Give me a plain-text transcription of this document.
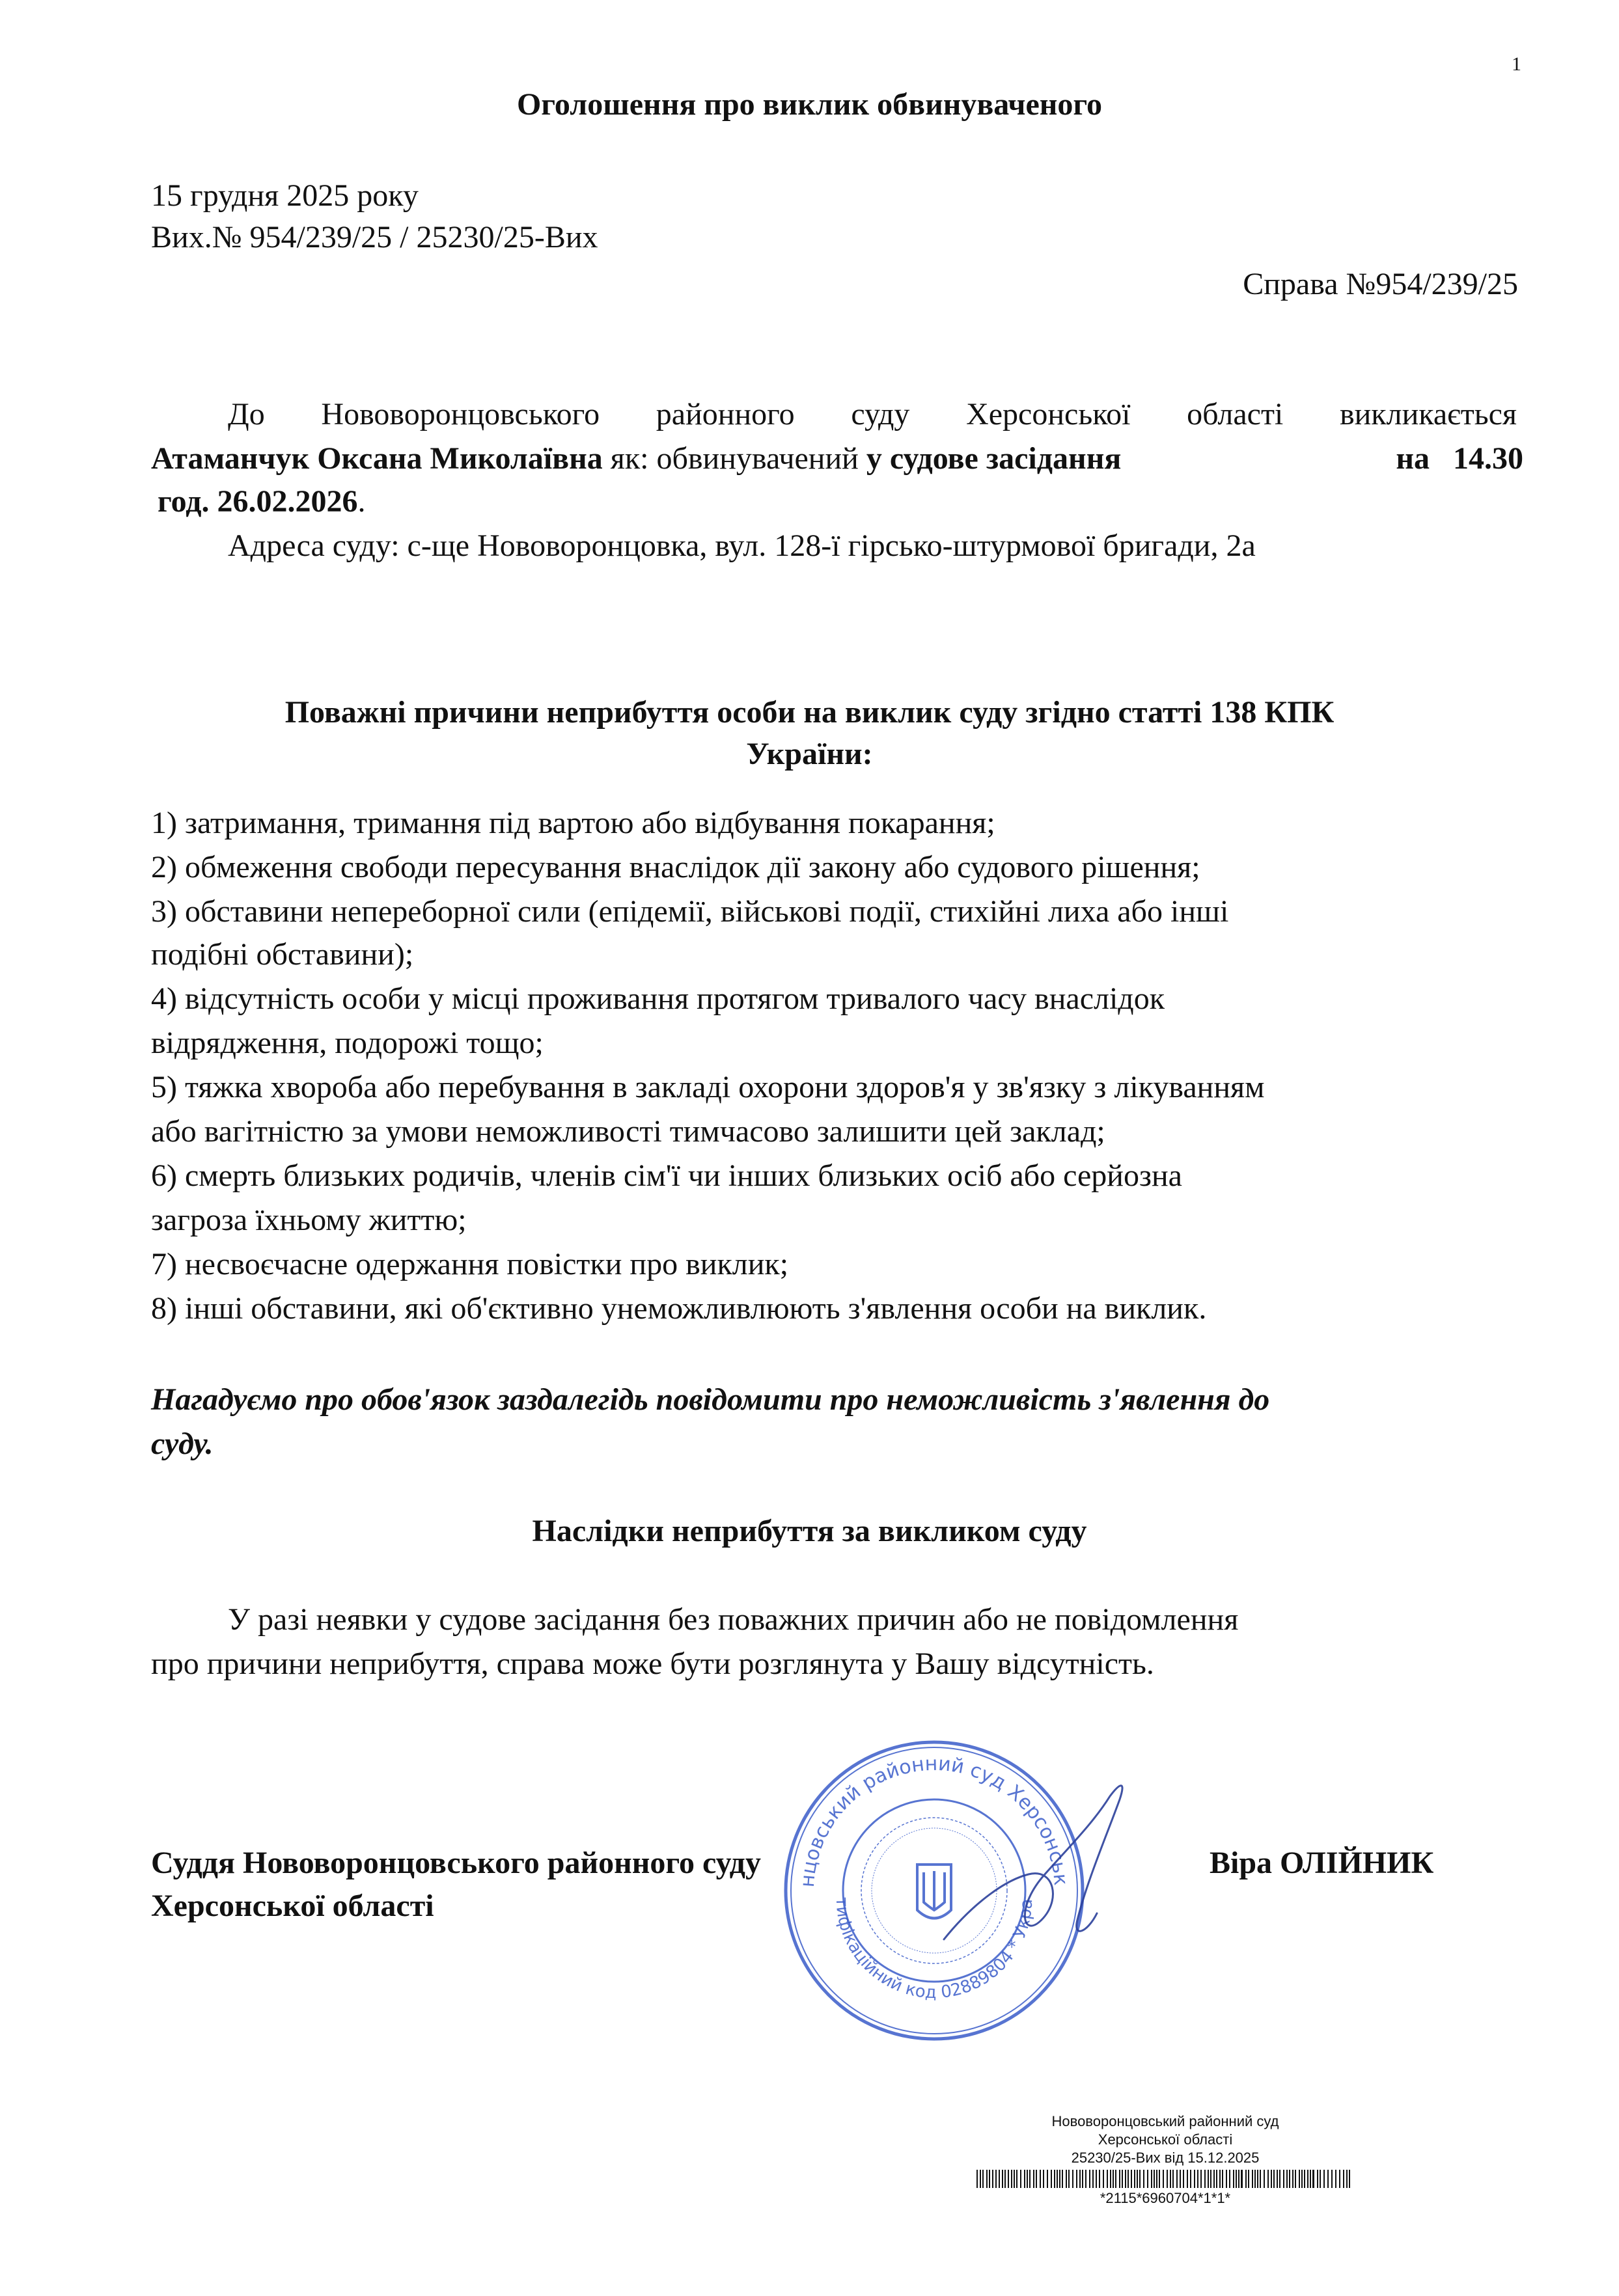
1
Оголошення про виклик обвинуваченого
15 грудня 2025 року
Вих.№ 954/239/25 / 25230/25-Вих
Справа №954/239/25
До Нововоронцовського районного суду Херсонської області викликається
Атаманчук Оксана Миколаївна як: обвинувачений у судове засідання	на 14.30
год. 26.02.2026.
Адреса суду: с-ще Нововоронцовка, вул. 128-ї гірсько-штурмової бригади, 2а
Поважні причини неприбуття особи на виклик суду згідно статті 138 КПК
України:
1) затримання, тримання під вартою або відбування покарання;
2) обмеження свободи пересування внаслідок дії закону або судового рішення;
3) обставини непереборної сили (епідемії, військові події, стихійні лиха або інші
подібні обставини);
4) відсутність особи у місці проживання протягом тривалого часу внаслідок
відрядження, подорожі тощо;
5) тяжка хвороба або перебування в закладі охорони здоров'я у зв'язку з лікуванням
або вагітністю за умови неможливості тимчасово залишити цей заклад;
6) смерть близьких родичів, членів сім'ї чи інших близьких осіб або серйозна
загроза їхньому життю;
7) несвоєчасне одержання повістки про виклик;
8) інші обставини, які об'єктивно унеможливлюють з'явлення особи на виклик.
Нагадуємо про обов'язок заздалегідь повідомити про неможливість з'явлення до
суду.
Наслідки неприбуття за викликом суду
У разі неявки у судове засідання без поважних причин або не повідомлення
про причини неприбуття, справа може бути розглянута у Вашу відсутність.
Суддя Нововоронцовського районного суду
Херсонської області
Віра ОЛІЙНИК
нцовський районний суд Херсонськ
тифікаційний код 02889804 * Укра
Нововоронцовський районний суд
Херсонської області
25230/25-Вих від 15.12.2025
*2115*6960704*1*1*
